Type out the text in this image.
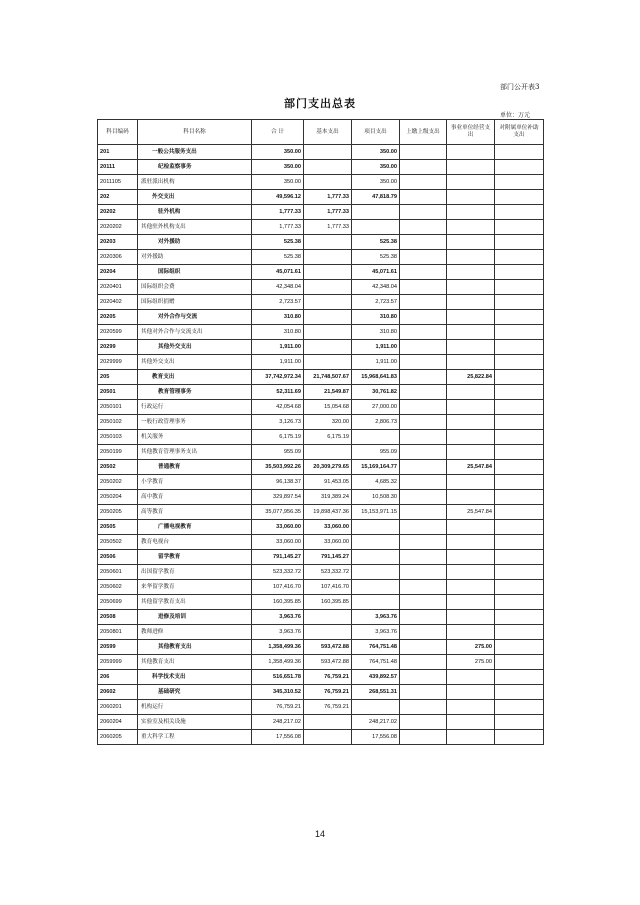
部门公开表3
部门支出总表
单位：万元
科目编码	科目名称	合 计	基本支出	项目支出	上缴上级支出	事业单位经营支出	对附属单位补助支出
201	一般公共服务支出	350.00		350.00			
20111	纪检监察事务	350.00		350.00			
2011105	派驻派出机构	350.00		350.00			
202	外交支出	49,596.12	1,777.33	47,818.79			
20202	驻外机构	1,777.33	1,777.33				
2020202	其他驻外机构支出	1,777.33	1,777.33				
20203	对外援助	525.38		525.38			
2020306	对外援助	525.38		525.38			
20204	国际组织	45,071.61		45,071.61			
2020401	国际组织会费	42,348.04		42,348.04			
2020402	国际组织捐赠	2,723.57		2,723.57			
20205	对外合作与交流	310.80		310.80			
2020599	其他对外合作与交流支出	310.80		310.80			
20299	其他外交支出	1,911.00		1,911.00			
2029999	其他外交支出	1,911.00		1,911.00			
205	教育支出	37,742,972.34	21,748,507.67	15,968,641.83		25,822.84	
20501	教育管理事务	52,311.69	21,549.87	30,761.82			
2050101	行政运行	42,054.68	15,054.68	27,000.00			
2050102	一般行政管理事务	3,126.73	320.00	2,806.73			
2050103	机关服务	6,175.19	6,175.19				
2050199	其他教育管理事务支出	955.09		955.09			
20502	普通教育	35,503,992.26	20,309,279.65	15,169,164.77		25,547.84	
2050202	小学教育	96,138.37	91,453.05	4,685.32			
2050204	高中教育	329,897.54	319,389.24	10,508.30			
2050205	高等教育	35,077,956.35	19,898,437.36	15,153,971.15		25,547.84	
20505	广播电视教育	33,060.00	33,060.00				
2050502	教育电视台	33,060.00	33,060.00				
20506	留学教育	791,145.27	791,145.27				
2050601	出国留学教育	523,332.72	523,332.72				
2050602	来华留学教育	107,416.70	107,416.70				
2050699	其他留学教育支出	160,395.85	160,395.85				
20508	进修及培训	3,963.76		3,963.76			
2050801	教师进修	3,963.76		3,963.76			
20599	其他教育支出	1,358,499.36	593,472.88	764,751.48		275.00	
2059999	其他教育支出	1,358,499.36	593,472.88	764,751.48		275.00	
206	科学技术支出	516,651.78	76,759.21	439,892.57			
20602	基础研究	345,310.52	76,759.21	268,551.31			
2060201	机构运行	76,759.21	76,759.21				
2060204	实验室及相关设施	248,217.02		248,217.02			
2060205	重大科学工程	17,556.08		17,556.08			
14
